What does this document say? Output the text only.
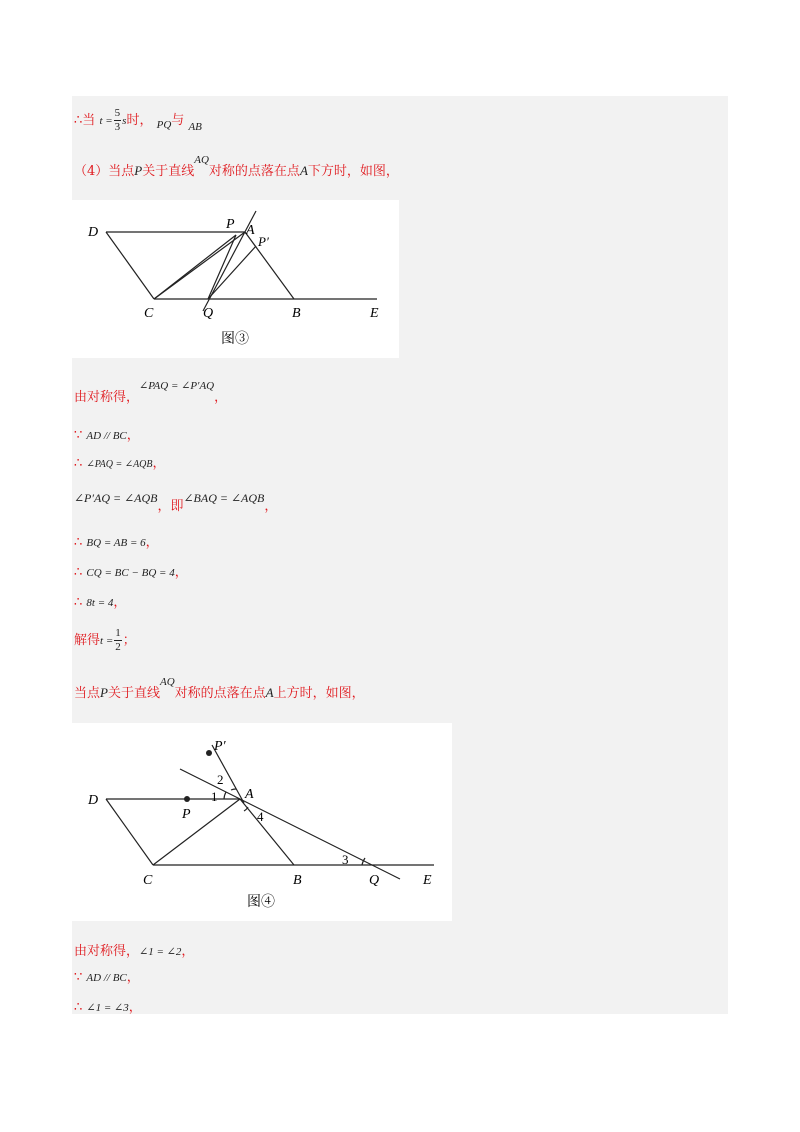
∴当 $t = \frac{5}{3}$ s时， $_{PQ}$与 $_{AB}$
（4）当点P关于直线$^{AQ}$对称的点落在点A下方时，如图，
D
P A
P′
C	Q	B	E
图③
由对称得，$^{\angle PAQ = \angle P'AQ}$，
∵ AD // BC，
∴ ∠PAQ = ∠AQB，
∠P′AQ = ∠AQB，即∠BAQ = ∠AQB，
∴ BQ = AB = 6，
∴ CQ = BC − BQ = 4，
∴ 8t = 4，
解得$t = \frac{1}{2}$ ；
当点P关于直线$^{AQ}$对称的点落在点A上方时，如图，
P′
D
P
A
1
2
3
4
C	B	Q	E
图④
由对称得，∠1 = ∠2，
∵ AD // BC，
∴ ∠1 = ∠3，
